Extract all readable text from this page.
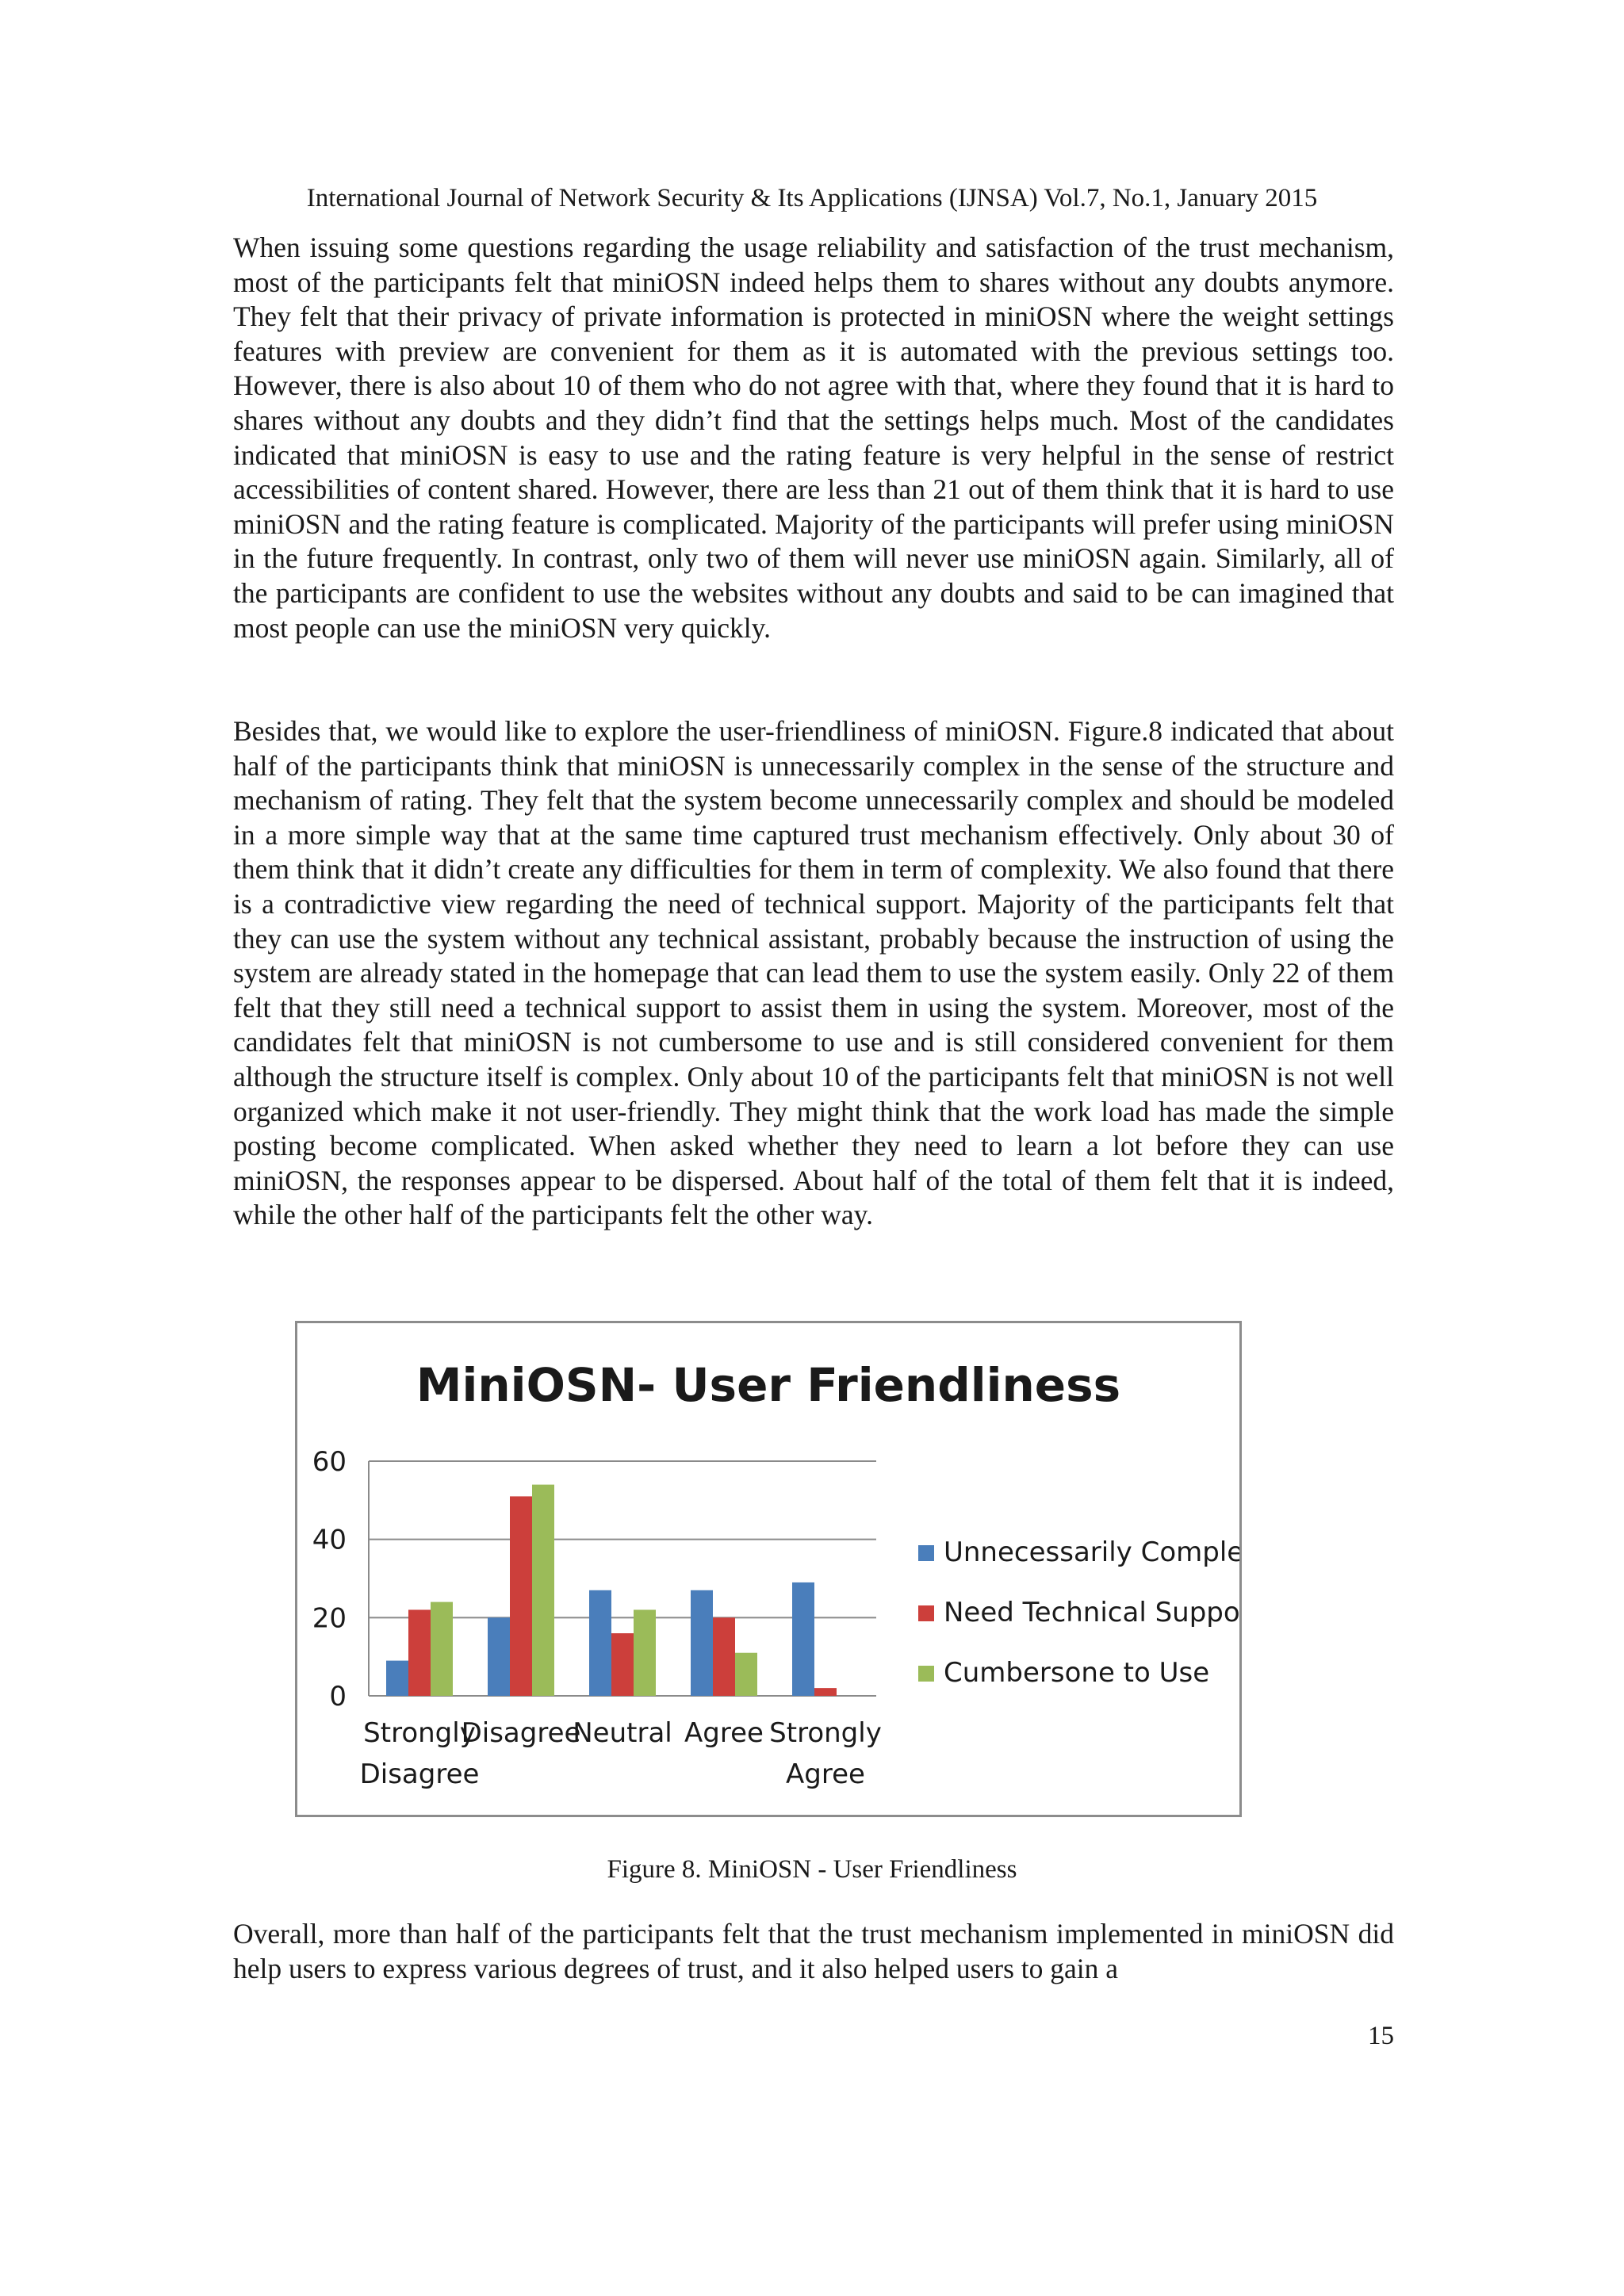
International Journal of Network Security & Its Applications (IJNSA) Vol.7, No.1, January 2015

When issuing some questions regarding the usage reliability and satisfaction of the trust mechanism, most of the participants felt that miniOSN indeed helps them to shares without any doubts anymore. They felt that their privacy of private information is protected in miniOSN where the weight settings features with preview are convenient for them as it is automated with the previous settings too. However, there is also about 10 of them who do not agree with that, where they found that it is hard to shares without any doubts and they didn’t find that the settings helps much. Most of the candidates indicated that miniOSN is easy to use and the rating feature is very helpful in the sense of restrict accessibilities of content shared. However, there are less than 21 out of them think that it is hard to use miniOSN and the rating feature is complicated. Majority of the participants will prefer using miniOSN in the future frequently. In contrast, only two of them will never use miniOSN again. Similarly, all of the participants are confident to use the websites without any doubts and said to be can imagined that most people can use the miniOSN very quickly.

Besides that, we would like to explore the user-friendliness of miniOSN. Figure.8 indicated that about half of the participants think that miniOSN is unnecessarily complex in the sense of the structure and mechanism of rating. They felt that the system become unnecessarily complex and should be modeled in a more simple way that at the same time captured trust mechanism effectively. Only about 30 of them think that it didn’t create any difficulties for them in term of complexity. We also found that there is a contradictive view regarding the need of technical support. Majority of the participants felt that they can use the system without any technical assistant, probably because the instruction of using the system are already stated in the homepage that can lead them to use the system easily. Only 22 of them felt that they still need a technical support to assist them in using the system. Moreover, most of the candidates felt that miniOSN is not cumbersome to use and is still considered convenient for them although the structure itself is complex. Only about 10 of the participants felt that miniOSN is not well organized which make it not user-friendly. They might think that the work load has made the simple posting become complicated. When asked whether they need to learn a lot before they can use miniOSN, the responses appear to be dispersed. About half of the total of them felt that it is indeed, while the other half of the participants felt the other way.

MiniOSN- User Friendliness
0
20
40
60
Strongly
Disagree
Disagree
Neutral Agree Strongly
Agree
Unnecessarily Complex
Need Technical Support
Cumbersone to Use
Figure 8. MiniOSN - User Friendliness

Overall, more than half of the participants felt that the trust mechanism implemented in miniOSN did help users to express various degrees of trust, and it also helped users to gain a

15
